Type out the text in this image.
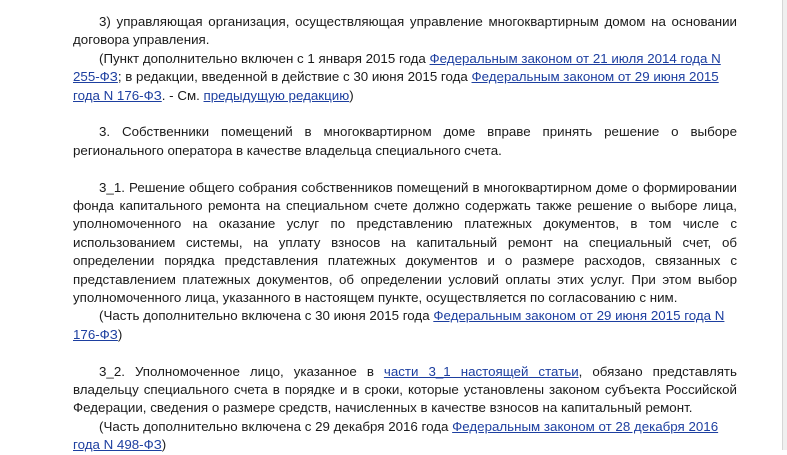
3) управляющая организация, осуществляющая управление многоквартирным домом на основании договора управления.

(Пункт дополнительно включен с 1 января 2015 года Федеральным законом от 21 июля 2014 года N 255-ФЗ; в редакции, введенной в действие с 30 июня 2015 года Федеральным законом от 29 июня 2015 года N 176-ФЗ. - См. предыдущую редакцию)

3. Собственники помещений в многоквартирном доме вправе принять решение о выборе регионального оператора в качестве владельца специального счета.

3_1. Решение общего собрания собственников помещений в многоквартирном доме о формировании фонда капитального ремонта на специальном счете должно содержать также решение о выборе лица, уполномоченного на оказание услуг по представлению платежных документов, в том числе с использованием системы, на уплату взносов на капитальный ремонт на специальный счет, об определении порядка представления платежных документов и о размере расходов, связанных с представлением платежных документов, об определении условий оплаты этих услуг. При этом выбор уполномоченного лица, указанного в настоящем пункте, осуществляется по согласованию с ним.

(Часть дополнительно включена с 30 июня 2015 года Федеральным законом от 29 июня 2015 года N 176-ФЗ)

3_2. Уполномоченное лицо, указанное в части 3_1 настоящей статьи, обязано представлять владельцу специального счета в порядке и в сроки, которые установлены законом субъекта Российской Федерации, сведения о размере средств, начисленных в качестве взносов на капитальный ремонт.

(Часть дополнительно включена с 29 декабря 2016 года Федеральным законом от 28 декабря 2016 года N 498-ФЗ)
